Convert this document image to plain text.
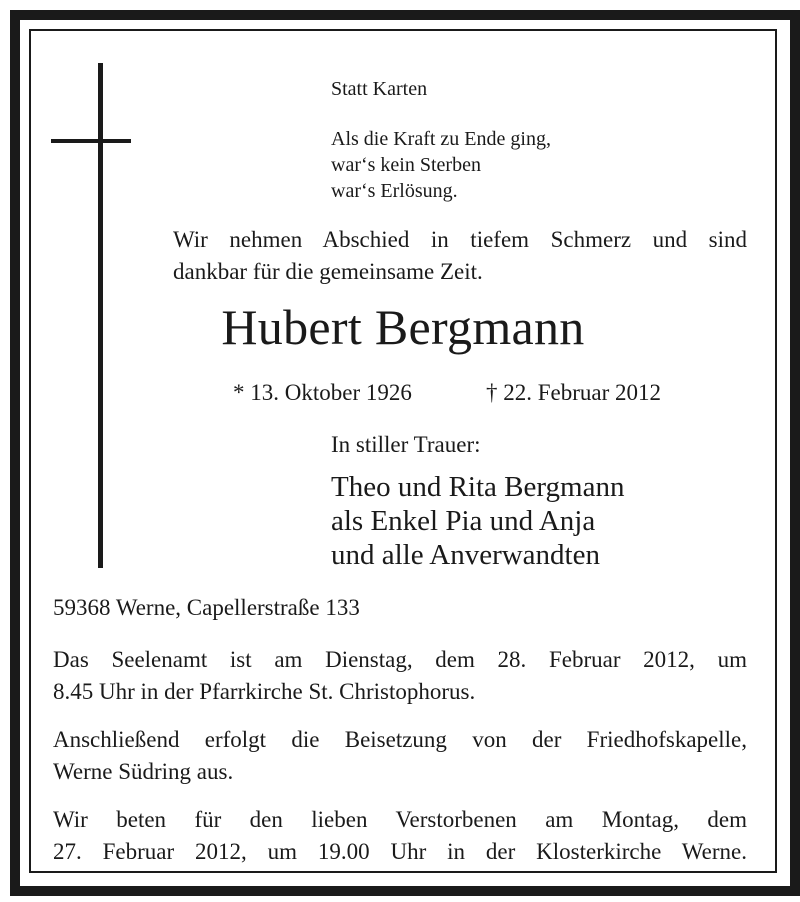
Statt Karten
Als die Kraft zu Ende ging,
war‘s kein Sterben
war‘s Erlösung.
Wir nehmen Abschied in tiefem Schmerz und sind
dankbar für die gemeinsame Zeit.
Hubert Bergmann
* 13. Oktober 1926	† 22. Februar 2012
In stiller Trauer:
Theo und Rita Bergmann
als Enkel Pia und Anja
und alle Anverwandten
59368 Werne, Capellerstraße 133
Das Seelenamt ist am Dienstag, dem 28. Februar 2012, um
8.45 Uhr in der Pfarrkirche St. Christophorus.
Anschließend erfolgt die Beisetzung von der Friedhofskapelle,
Werne Südring aus.
Wir beten für den lieben Verstorbenen am Montag, dem
27. Februar 2012, um 19.00 Uhr in der Klosterkirche Werne.
